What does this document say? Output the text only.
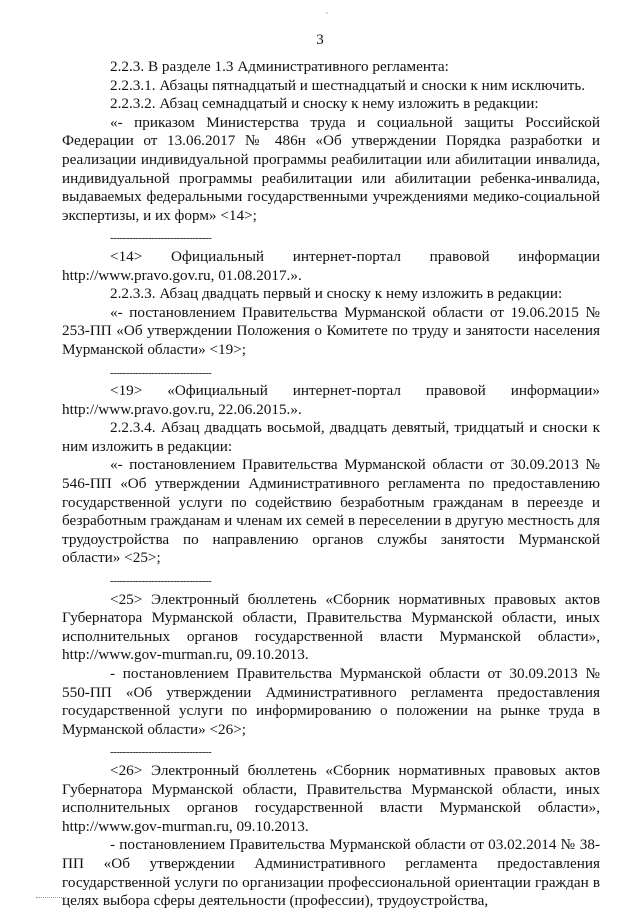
,
3
2.2.3. В разделе 1.3 Административного регламента:
2.2.3.1. Абзацы пятнадцатый и шестнадцатый и сноски к ним исключить.
2.2.3.2. Абзац семнадцатый и сноску к нему изложить в редакции:
«- приказом Министерства труда и социальной защиты Российской Федерации от 13.06.2017 № 486н «Об утверждении Порядка разработки и реализации индивидуальной программы реабилитации или абилитации инвалида, индивидуальной программы реабилитации или абилитации ребенка-инвалида, выдаваемых федеральными государственными учреждениями медико-социальной экспертизы, и их форм» <14>;
--------------------------------
<14> Официальный интернет-портал правовой информации http://www.pravo.gov.ru, 01.08.2017.».
2.2.3.3. Абзац двадцать первый и сноску к нему изложить в редакции:
«- постановлением Правительства Мурманской области от 19.06.2015 № 253-ПП «Об утверждении Положения о Комитете по труду и занятости населения Мурманской области» <19>;
--------------------------------
<19> «Официальный интернет-портал правовой информации» http://www.pravo.gov.ru, 22.06.2015.».
2.2.3.4. Абзац двадцать восьмой, двадцать девятый, тридцатый и сноски к ним изложить в редакции:
«- постановлением Правительства Мурманской области от 30.09.2013 № 546-ПП «Об утверждении Административного регламента по предоставлению государственной услуги по содействию безработным гражданам в переезде и безработным гражданам и членам их семей в переселении в другую местность для трудоустройства по направлению органов службы занятости Мурманской области» <25>;
--------------------------------
<25> Электронный бюллетень «Сборник нормативных правовых актов Губернатора Мурманской области, Правительства Мурманской области, иных исполнительных органов государственной власти Мурманской области», http://www.gov-murman.ru, 09.10.2013.
- постановлением Правительства Мурманской области от 30.09.2013 № 550-ПП «Об утверждении Административного регламента предоставления государственной услуги по информированию о положении на рынке труда в Мурманской области» <26>;
--------------------------------
<26> Электронный бюллетень «Сборник нормативных правовых актов Губернатора Мурманской области, Правительства Мурманской области, иных исполнительных органов государственной власти Мурманской области», http://www.gov-murman.ru, 09.10.2013.
- постановлением Правительства Мурманской области от 03.02.2014 № 38-ПП «Об утверждении Административного регламента предоставления государственной услуги по организации профессиональной ориентации граждан в целях выбора сферы деятельности (профессии), трудоустройства,
